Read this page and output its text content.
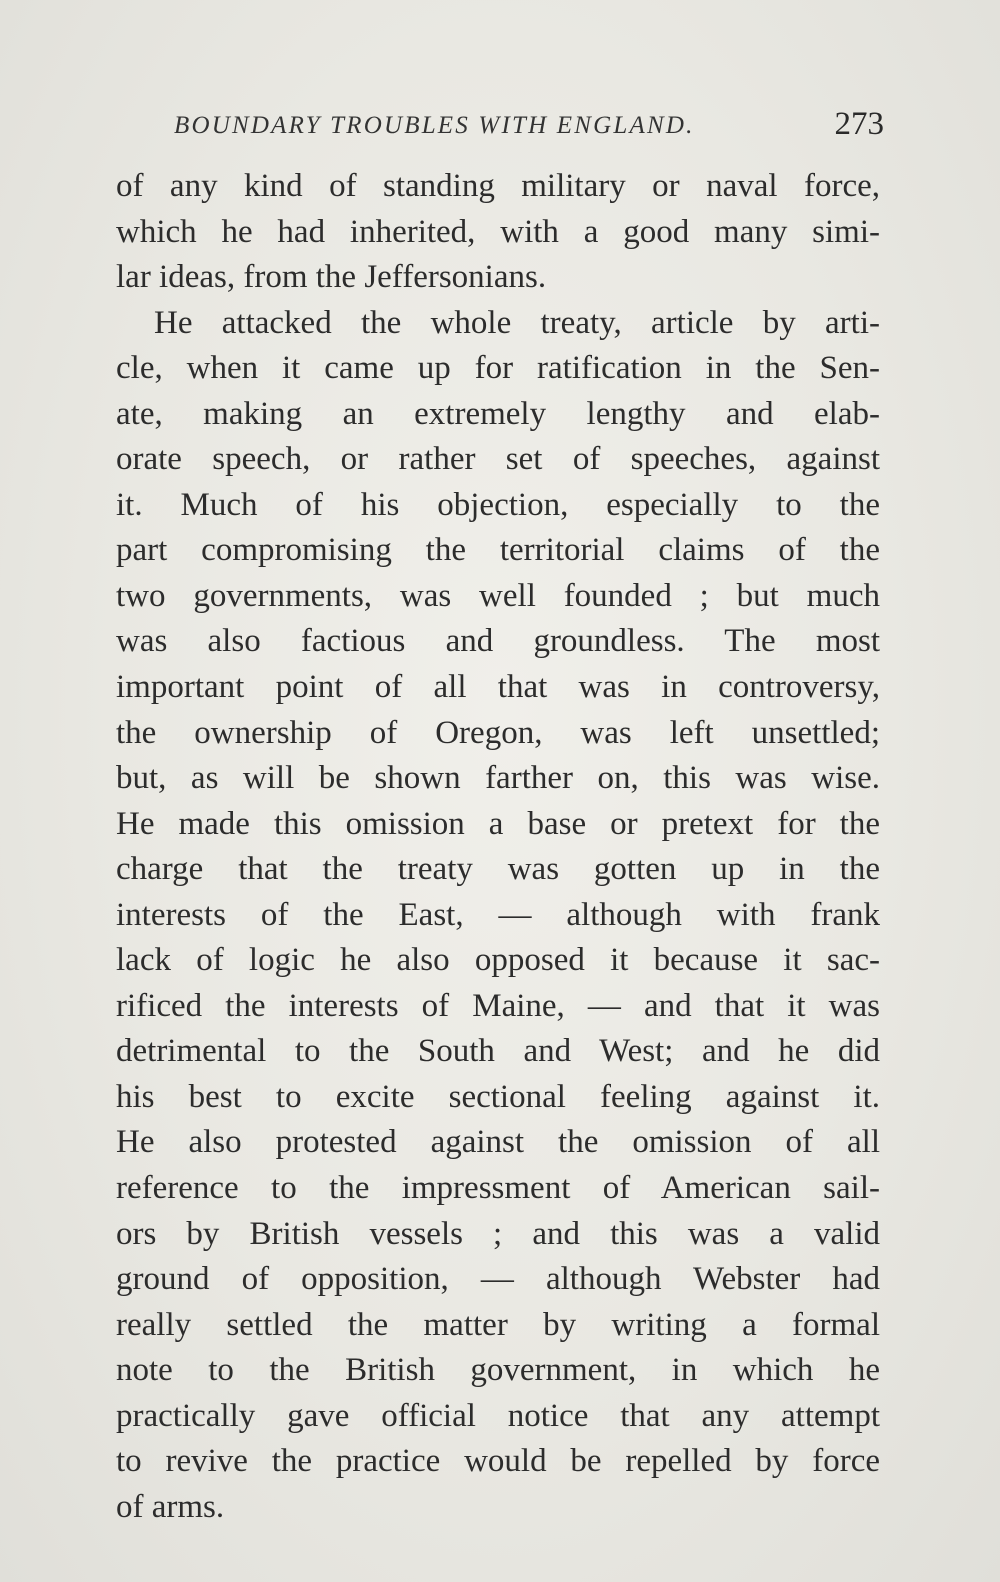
BOUNDARY TROUBLES WITH ENGLAND.	273
of any kind of standing military or naval force,
which he had inherited, with a good many simi-
lar ideas, from the Jeffersonians.
He attacked the whole treaty, article by arti-
cle, when it came up for ratification in the Sen-
ate, making an extremely lengthy and elab-
orate speech, or rather set of speeches, against
it. Much of his objection, especially to the
part compromising the territorial claims of the
two governments, was well founded ; but much
was also factious and groundless. The most
important point of all that was in controversy,
the ownership of Oregon, was left unsettled;
but, as will be shown farther on, this was wise.
He made this omission a base or pretext for the
charge that the treaty was gotten up in the
interests of the East, — although with frank
lack of logic he also opposed it because it sac-
rificed the interests of Maine, — and that it was
detrimental to the South and West; and he did
his best to excite sectional feeling against it.
He also protested against the omission of all
reference to the impressment of American sail-
ors by British vessels ; and this was a valid
ground of opposition, — although Webster had
really settled the matter by writing a formal
note to the British government, in which he
practically gave official notice that any attempt
to revive the practice would be repelled by force
of arms.
